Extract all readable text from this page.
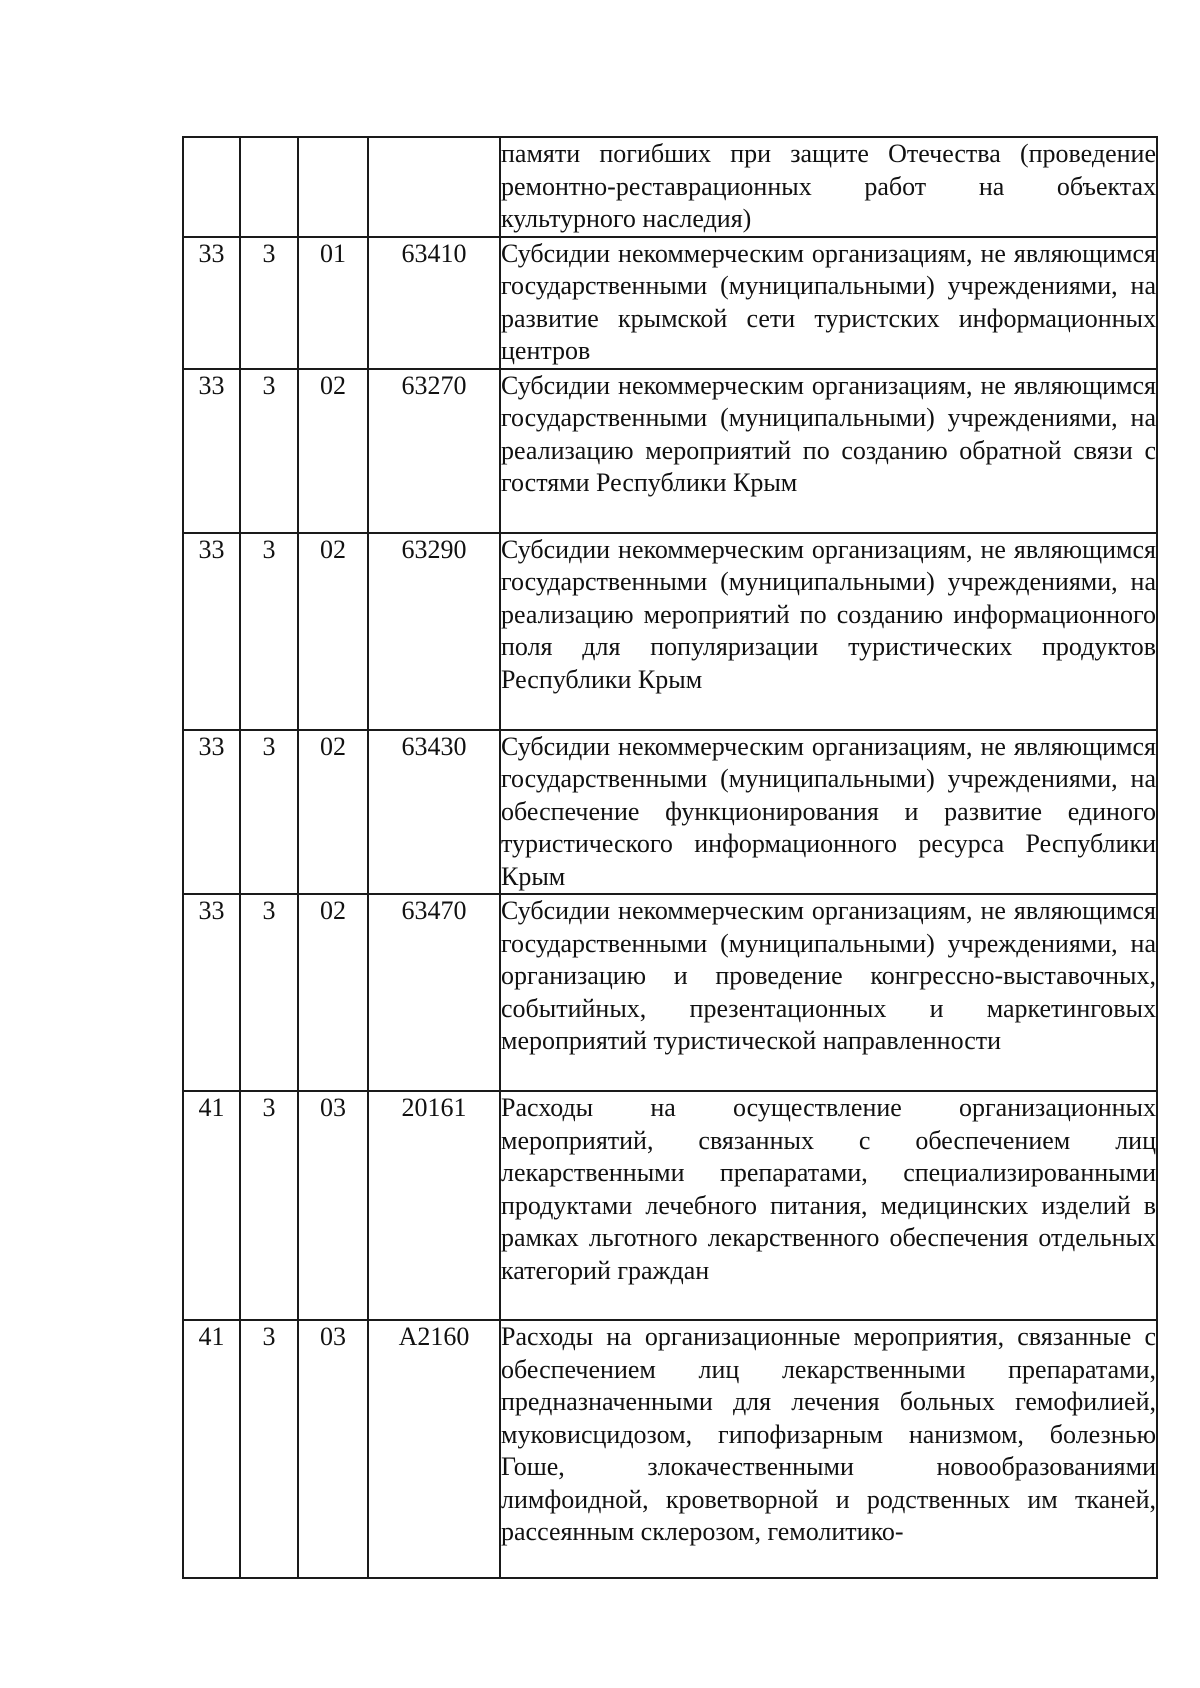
				памяти погибших при защите Отечества (проведение ремонтно-реставрационных работ на объектах культурного наследия)
33	3	01	63410	Субсидии некоммерческим организациям, не являющимся государственными (муниципальными) учреждениями, на развитие крымской сети туристских информационных центров
33	3	02	63270	Субсидии некоммерческим организациям, не являющимся государственными (муниципальными) учреждениями, на реализацию мероприятий по созданию обратной связи с гостями Республики Крым
33	3	02	63290	Субсидии некоммерческим организациям, не являющимся государственными (муниципальными) учреждениями, на реализацию мероприятий по созданию информационного поля для популяризации туристических продуктов Республики Крым
33	3	02	63430	Субсидии некоммерческим организациям, не являющимся государственными (муниципальными) учреждениями, на обеспечение функционирования и развитие единого туристического информационного ресурса Республики Крым
33	3	02	63470	Субсидии некоммерческим организациям, не являющимся государственными (муниципальными) учреждениями, на организацию и проведение конгрессно-выставочных, событийных, презентационных и маркетинговых мероприятий туристической направленности
41	3	03	20161	Расходы на осуществление организационных мероприятий, связанных с обеспечением лиц лекарственными препаратами, специализированными продуктами лечебного питания, медицинских изделий в рамках льготного лекарственного обеспечения отдельных категорий граждан
41	3	03	А2160	Расходы на организационные мероприятия, связанные с обеспечением лиц лекарственными препаратами, предназначенными для лечения больных гемофилией, муковисцидозом, гипофизарным нанизмом, болезнью Гоше, злокачественными новообразованиями лимфоидной, кроветворной и родственных им тканей, рассеянным склерозом, гемолитико-
